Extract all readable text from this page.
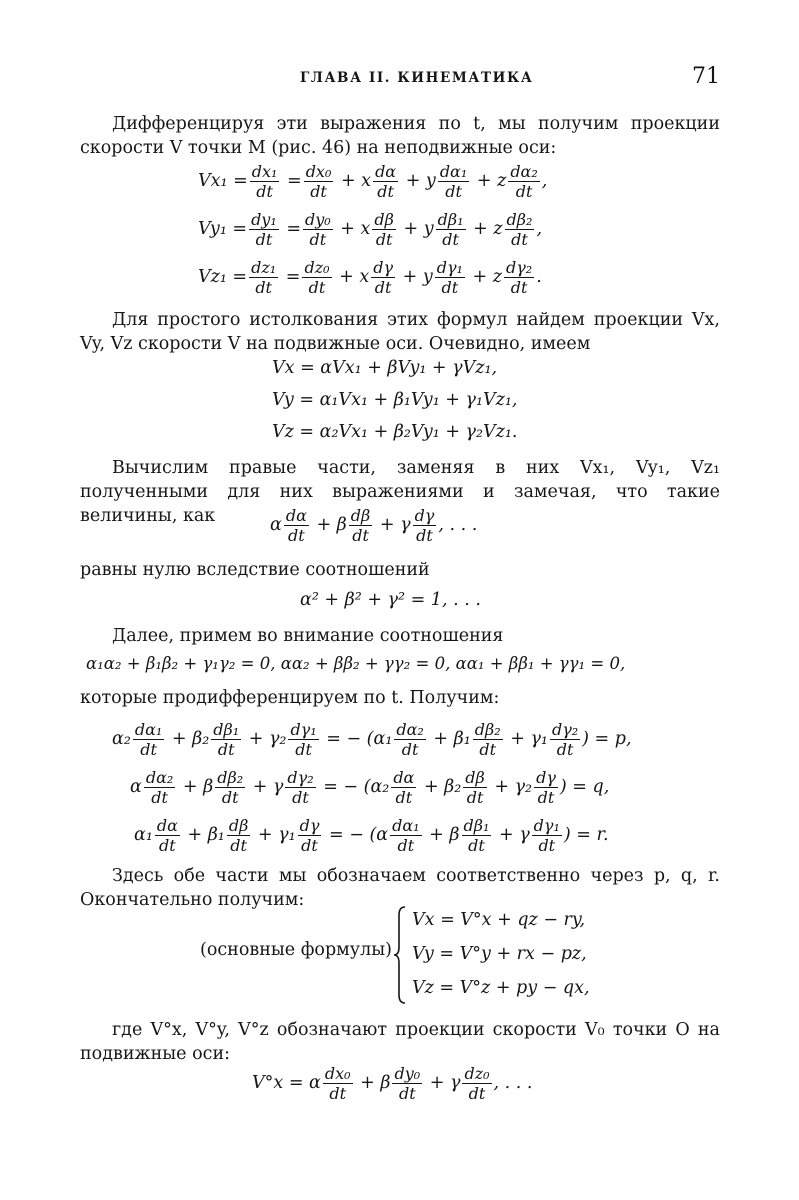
ГЛАВА II. КИНЕМАТИКА	71
Дифференцируя эти выражения по t, мы получим проекции скорости V точки M (рис. 46) на неподвижные оси:
$Vx_1 = \frac{\text{dx₁}}{dt} = \frac{\text{dx₀}}{dt} + x \frac{d\alpha}{dt} + y \frac{\text{dα₁}}{dt} + z \frac{\text{dα₂}}{dt}$ ,
$Vy_1 = \frac{\text{dy₁}}{dt} = \frac{\text{dy₀}}{dt} + x \frac{d\beta}{dt} + y \frac{\text{dβ₁}}{dt} + z \frac{\text{dβ₂}}{dt}$ ,
$Vz_1 = \frac{\text{dz₁}}{dt} = \frac{\text{dz₀}}{dt} + x \frac{d\gamma}{dt} + y \frac{\text{dγ₁}}{dt} + z \frac{\text{dγ₂}}{dt}$ .
Для простого истолкования этих формул найдем проекции Vx, Vy, Vz скорости V на подвижные оси. Очевидно, имеем
Vx = αVx₁ + βVy₁ + γVz₁,
Vy = α₁Vx₁ + β₁Vy₁ + γ₁Vz₁,
Vz = α₂Vx₁ + β₂Vy₁ + γ₂Vz₁.
Вычислим правые части, заменяя в них Vx₁, Vy₁, Vz₁ полученными для них выражениями и замечая, что такие величины, как	α $\frac{d\alpha}{dt} + \beta \frac{d\beta}{dt} + \gamma \frac{d\gamma}{dt}$ , . . .
равны нулю вследствие соотношений
α² + β² + γ² = 1, . . .
Далее, примем во внимание соотношения
α₁α₂ + β₁β₂ + γ₁γ₂ = 0, αα₂ + ββ₂ + γγ₂ = 0, αα₁ + ββ₁ + γγ₁ = 0,
которые продифференцируем по t. Получим:
$\alpha_2 \frac{\text{dα₁}}{dt} + \beta_2 \frac{\text{dβ₁}}{dt} + \gamma_2 \frac{\text{dγ₁}}{dt}$ = − ($\alpha_1 \frac{\text{dα₂}}{dt} + \beta_1 \frac{\text{dβ₂}}{dt} + \gamma_1 \frac{\text{dγ₂}}{dt}$ ) = p,
α $\frac{\text{dα₂}}{dt} + \beta \frac{\text{dβ₂}}{dt} + \gamma \frac{\text{dγ₂}}{dt}$ = − ($\alpha_2 \frac{d\alpha}{dt} + \beta_2 \frac{d\beta}{dt} + \gamma_2 \frac{d\gamma}{dt}$ ) = q,
$\alpha_1 \frac{d\alpha}{dt} + \beta_1 \frac{d\beta}{dt} + \gamma_1 \frac{d\gamma}{dt}$ = − ($\alpha \frac{\text{dα₁}}{dt} + \beta \frac{\text{dβ₁}}{dt} + \gamma \frac{\text{dγ₁}}{dt}$ ) = r.
Здесь обе части мы обозначаем соответственно через p, q, r. Окончательно получим:
(основные формулы)
Vx = V°x + qz − ry,
Vy = V°y + rx − pz,
Vz = V°z + py − qx,
где V°x, V°y, V°z обозначают проекции скорости V₀ точки O на подвижные оси:
V°x = α $\frac{\text{dx₀}}{dt} + \beta \frac{\text{dy₀}}{dt} + \gamma \frac{\text{dz₀}}{dt}$ , . . .
